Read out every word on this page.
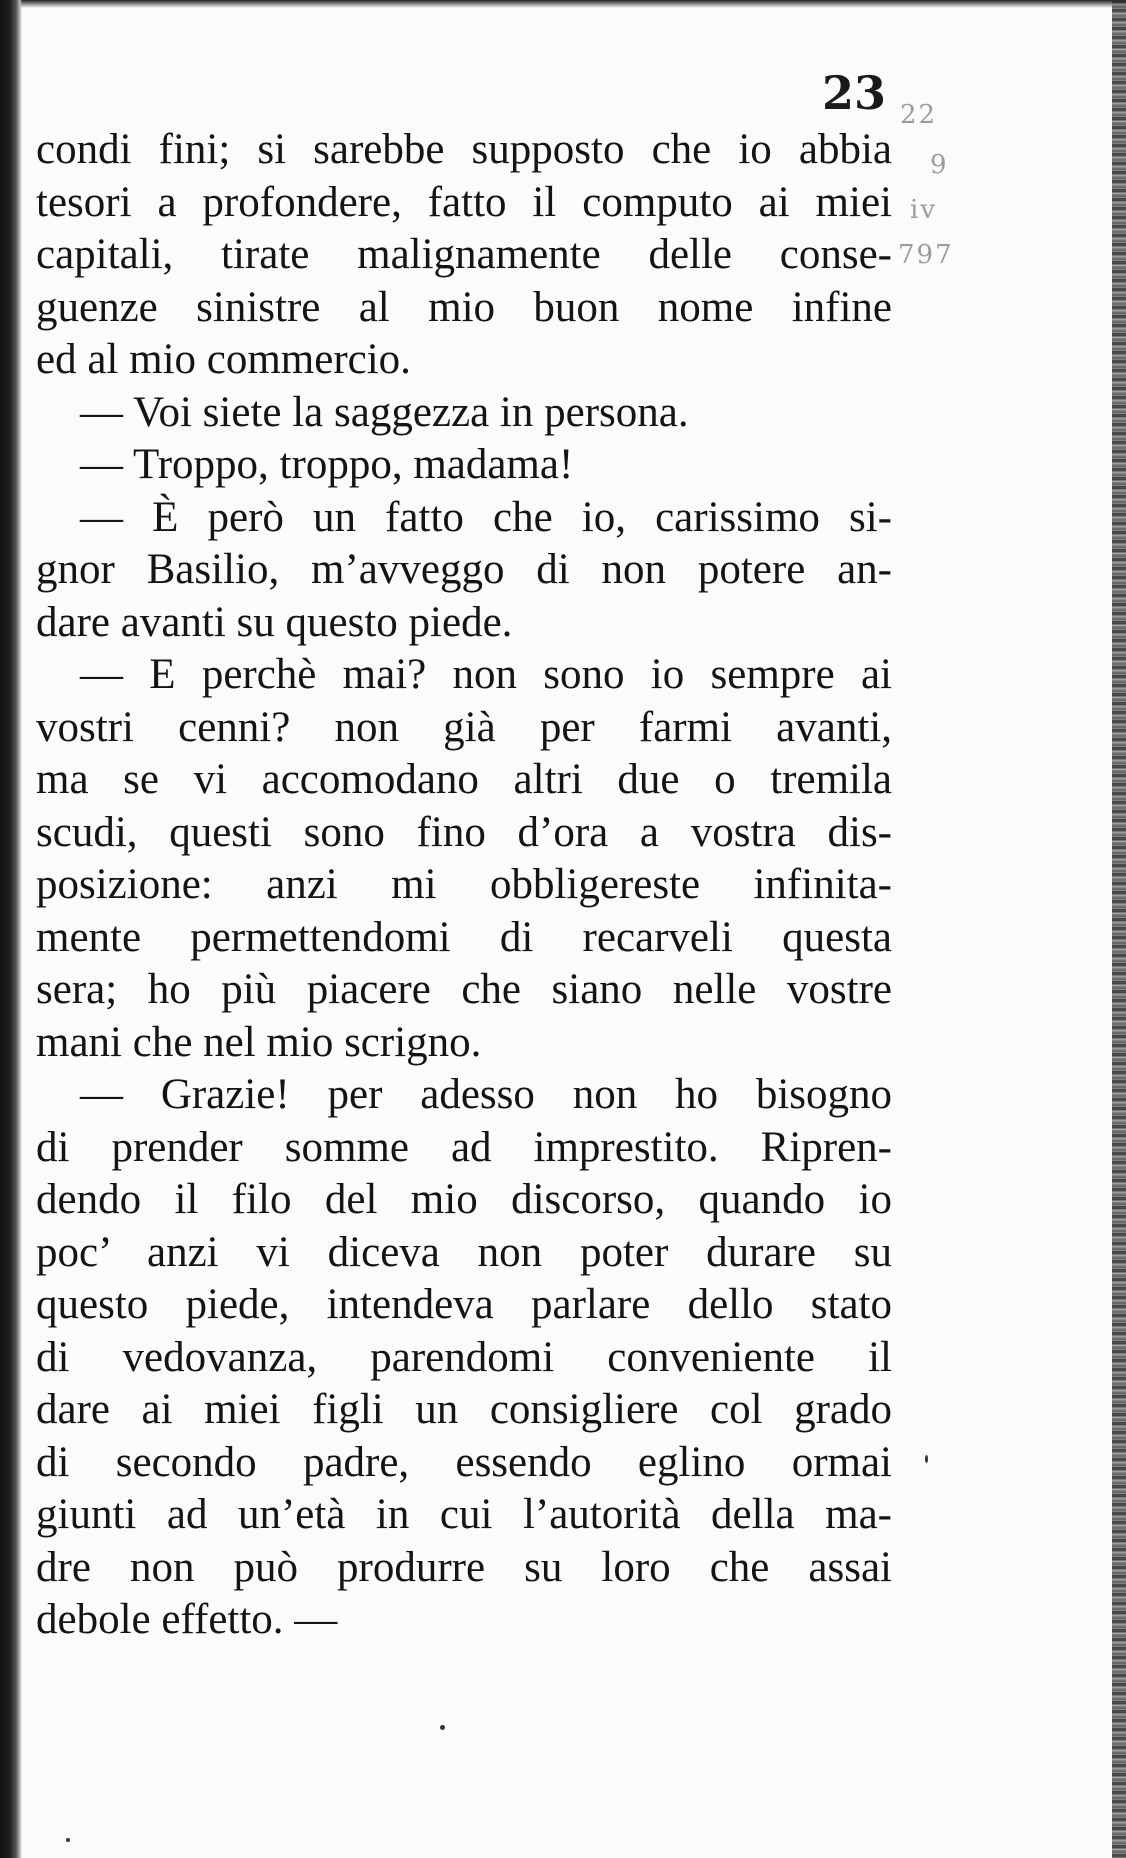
23 22
9
iv
797
condi fini; si sarebbe supposto che io abbia
tesori a profondere, fatto il computo ai miei
capitali, tirate malignamente delle conse-
guenze sinistre al mio buon nome infine
ed al mio commercio.
— Voi siete la saggezza in persona.
— Troppo, troppo, madama!
— È però un fatto che io, carissimo si-
gnor Basilio, m’avveggo di non potere an-
dare avanti su questo piede.
— E perchè mai? non sono io sempre ai
vostri cenni? non già per farmi avanti,
ma se vi accomodano altri due o tremila
scudi, questi sono fino d’ora a vostra dis-
posizione: anzi mi obbligereste infinita-
mente permettendomi di recarveli questa
sera; ho più piacere che siano nelle vostre
mani che nel mio scrigno.
— Grazie! per adesso non ho bisogno
di prender somme ad imprestito. Ripren-
dendo il filo del mio discorso, quando io
poc’ anzi vi diceva non poter durare su
questo piede, intendeva parlare dello stato
di vedovanza, parendomi conveniente il
dare ai miei figli un consigliere col grado
di secondo padre, essendo eglino ormai
giunti ad un’età in cui l’autorità della ma-
dre non può produrre su loro che assai
debole effetto. —
